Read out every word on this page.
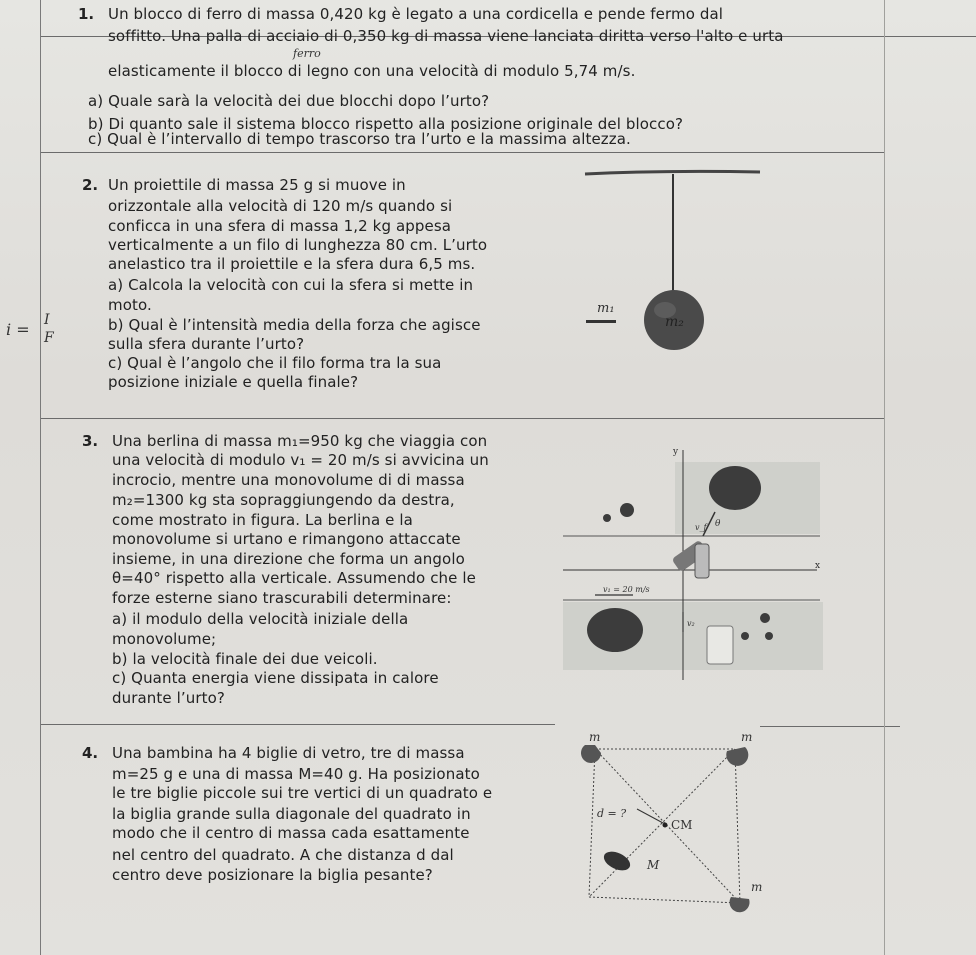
1. Un blocco di ferro di massa 0,420 kg è legato a una cordicella e pende fermo dal
soffitto. Una palla di acciaio di 0,350 kg di massa viene lanciata diritta verso l'alto e urta
elasticamente il blocco di legno con una velocità di modulo 5,74 m/s.
a) Quale sarà la velocità dei due blocchi dopo l’urto?
b) Di quanto sale il sistema blocco rispetto alla posizione originale del blocco?
c) Qual è l’intervallo di tempo trascorso tra l’urto e la massima altezza.
ferro
2. Un proiettile di massa 25 g si muove in
orizzontale alla velocità di 120 m/s quando si
conficca in una sfera di massa 1,2 kg appesa
verticalmente a un filo di lunghezza 80 cm. L’urto
anelastico tra il proiettile e la sfera dura 6,5 ms.
a) Calcola la velocità con cui la sfera si mette in
moto.
b) Qual è l’intensità media della forza che agisce
sulla sfera durante l’urto?
c) Qual è l’angolo che il filo forma tra la sua
posizione iniziale e quella finale?
i = I
F
m₂
m₁
3. Una berlina di massa m₁=950 kg che viaggia con
una velocità di modulo v₁ = 20 m/s si avvicina un
incrocio, mentre una monovolume di di massa
m₂=1300 kg sta sopraggiungendo da destra,
come mostrato in figura. La berlina e la
monovolume si urtano e rimangono attaccate
insieme, in una direzione che forma un angolo
θ=40° rispetto alla verticale. Assumendo che le
forze esterne siano trascurabili determinare:
a) il modulo della velocità iniziale della
monovolume;
b) la velocità finale dei due veicoli.
c) Quanta energia viene dissipata in calore
durante l’urto?
y
x
θ
v_f
v₁ = 20 m/s
v₂
4. Una bambina ha 4 biglie di vetro, tre di massa
m=25 g e una di massa M=40 g. Ha posizionato
le tre biglie piccole sui tre vertici di un quadrato e
la biglia grande sulla diagonale del quadrato in
modo che il centro di massa cada esattamente
nel centro del quadrato. A che distanza d dal
centro deve posizionare la biglia pesante?
m	m
m
M
CM
d = ?
